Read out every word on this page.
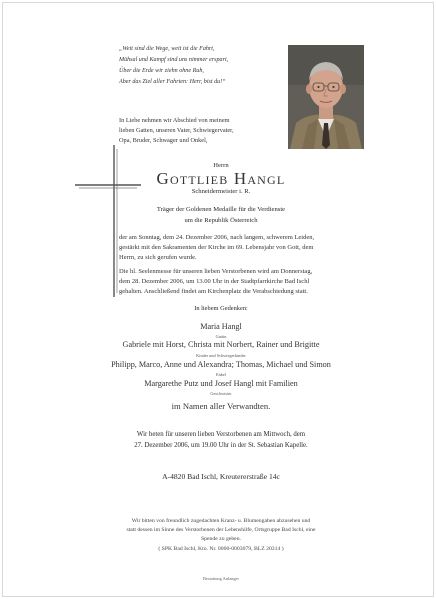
„Weit sind die Wege, weit ist die Fahrt,
Mühsal und Kampf sind uns nimmer erspart,
Über die Erde wir ziehn ohne Ruh,
Aber das Ziel aller Fahrten: Herr, bist du!“
In Liebe nehmen wir Abschied von meinem
lieben Gatten, unseren Vater, Schwiegervater,
Opa, Bruder, Schwager und Onkel,
Herrn
Gottlieb Hangl
Schneidermeister i. R.
Träger der Goldenen Medaille für die Verdienste
um die Republik Österreich
der am Sonntag, dem 24. Dezember 2006, nach langem, schwerem Leiden,
gestärkt mit den Sakramenten der Kirche im 69. Lebensjahr von Gott, dem
Herrn, zu sich gerufen wurde.
Die hl. Seelenmesse für unseren lieben Verstorbenen wird am Donnerstag,
dem 28. Dezember 2006, um 13.00 Uhr in der Stadtpfarrkirche Bad Ischl
gehalten. Anschließend findet am Kirchenplatz die Verabschiedung statt.
In liebem Gedenken:
Maria Hangl
Gattin
Gabriele mit Horst, Christa mit Norbert, Rainer und Brigitte
Kinder und Schwiegerkinder
Philipp, Marco, Anne und Alexandra; Thomas, Michael und Simon
Enkel
Margarethe Putz und Josef Hangl mit Familien
Geschwister
im Namen aller Verwandten.
Wir beten für unseren lieben Verstorbenen am Mittwoch, dem
27. Dezember 2006, um 19.00 Uhr in der St. Sebastian Kapelle.
A-4820 Bad Ischl, Kreutererstraße 14c
Wir bitten von freundlich zugedachten Kranz- u. Blumengaben abzusehen und
statt dessen im Sinne des Verstorbenen der Lebenshilfe, Ortsgruppe Bad Ischl, eine
Spende zu geben.
( SPK Bad Ischl, Kto. Nr. 0000-0003079, BLZ 20314 )
Bestattung Anlanger
